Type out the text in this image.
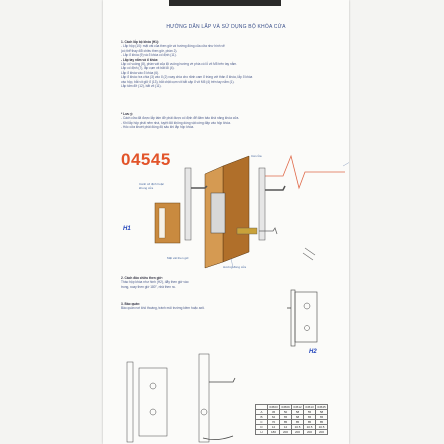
HƯỚNG DẪN LẮP VÀ SỬ DỤNG BỘ KHÓA CỬA
1. Cách lắp bộ khóa (H1):
- Lắp hộp (10): mặt vát của then giờ và hướng đóng của cửa như hình vẽ
(có thể thay đổi chiều then giờ, phần 2).
- Lắp ổ khóa (9) và ổ khóa cố định (11).
- Lắp tay nắm và ổ khóa:
Lắp cố vuông (8), phần vát của lõi vuông hướng về phía có lỗ vít M5 trên tay nắm.
Lắp cố định (7), lắp cụm vít bắt lỗi (4).
Lắp ổ khóa vào ổ khóa (6).
Lắp ổ khóa: tra chìa (3) vào ổ (2) xoay chìa cho rãnh cam ổ trùng với thân ổ khóa, lắp ổ khóa
vào hộp, bắt vít giữ ổ (13), bắt chặt cụm vít bắt cặp ổ vít M5 (4) trên tay nắm (1).
Lắp tấm đỡ (12), bắt vít (11).
* Lưu ý:
- Cách cửa đã được lắp tấm đỡ phải được cố định để đảm bảo khả năng khóa cửa.
- Khi lắp hộp phải nêm nhà, tuyệt đối không dùng vật cứng đập vào hộp khóa.
- Hốc cửa khoét phải đúng độ sâu khi lắp hộp khóa.
04545	Cái cửa
Cánh cố định hoặc khung cửa
Mặt vát then giờ
Hướng đóng cửa
H1
2. Cách đảo chiều then giờ:
Tháo hộp khóa như hình (H2), đẩy then giờ vào
trong, xoay then giờ 180°, nhả then ra.
3. Bảo quản:
Bảo quản nơi khô thoáng, tránh môi trường kiềm hoặc axit.
H2
	04503	04509	04512	04513	04545
A	45	50	58	55	58
B	62	65	68	65	65
C	70	85	85	85	85
D	12	12	10.5	10.5	10.5
H	180	200	200	200	200
